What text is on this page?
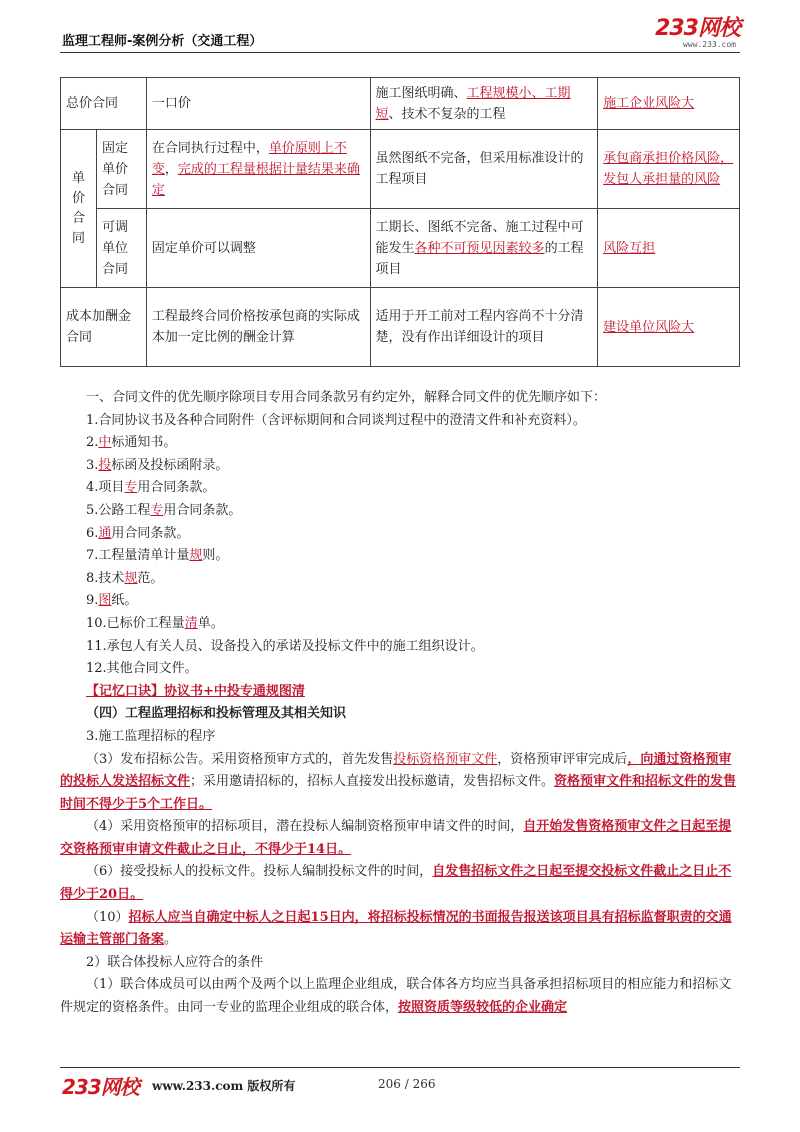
监理工程师-案例分析（交通工程）
233网校
www.233.com
总价合同		一口价	施工图纸明确、工程规模小、工期短、技术不复杂的工程	施工企业风险大
单
价
合
同	固定单价合同	在合同执行过程中，单价原则上不变，完成的工程量根据计量结果来确定	虽然图纸不完备，但采用标准设计的工程项目	承包商承担价格风险，发包人承担量的风险
	可调单位合同	固定单价可以调整	工期长、图纸不完备、施工过程中可能发生各种不可预见因素较多的工程项目	风险互担
成本加酬金合同		工程最终合同价格按承包商的实际成本加一定比例的酬金计算	适用于开工前对工程内容尚不十分清楚，没有作出详细设计的项目	建设单位风险大

一、合同文件的优先顺序除项目专用合同条款另有约定外，解释合同文件的优先顺序如下：

1.合同协议书及各种合同附件（含评标期间和合同谈判过程中的澄清文件和补充资料）。

2.中标通知书。

3.投标函及投标函附录。

4.项目专用合同条款。

5.公路工程专用合同条款。

6.通用合同条款。

7.工程量清单计量规则。

8.技术规范。

9.图纸。

10.已标价工程量清单。

11.承包人有关人员、设备投入的承诺及投标文件中的施工组织设计。

12.其他合同文件。

【记忆口诀】协议书+中投专通规图清

（四）工程监理招标和投标管理及其相关知识

3.施工监理招标的程序

（3）发布招标公告。采用资格预审方式的，首先发售投标资格预审文件，资格预审评审完成后，向通过资格预审的投标人发送招标文件；采用邀请招标的，招标人直接发出投标邀请，发售招标文件。资格预审文件和招标文件的发售时间不得少于5个工作日。

（4）采用资格预审的招标项目，潜在投标人编制资格预审申请文件的时间，自开始发售资格预审文件之日起至提交资格预审申请文件截止之日止，不得少于14日。

（6）接受投标人的投标文件。投标人编制投标文件的时间，自发售招标文件之日起至提交投标文件截止之日止不得少于20日。

（10）招标人应当自确定中标人之日起15日内，将招标投标情况的书面报告报送该项目具有招标监督职责的交通运输主管部门备案。

2）联合体投标人应符合的条件

（1）联合体成员可以由两个及两个以上监理企业组成，联合体各方均应当具备承担招标项目的相应能力和招标文件规定的资格条件。由同一专业的监理企业组成的联合体，按照资质等级较低的企业确定

233网校 www.233.com 版权所有	206 / 266
